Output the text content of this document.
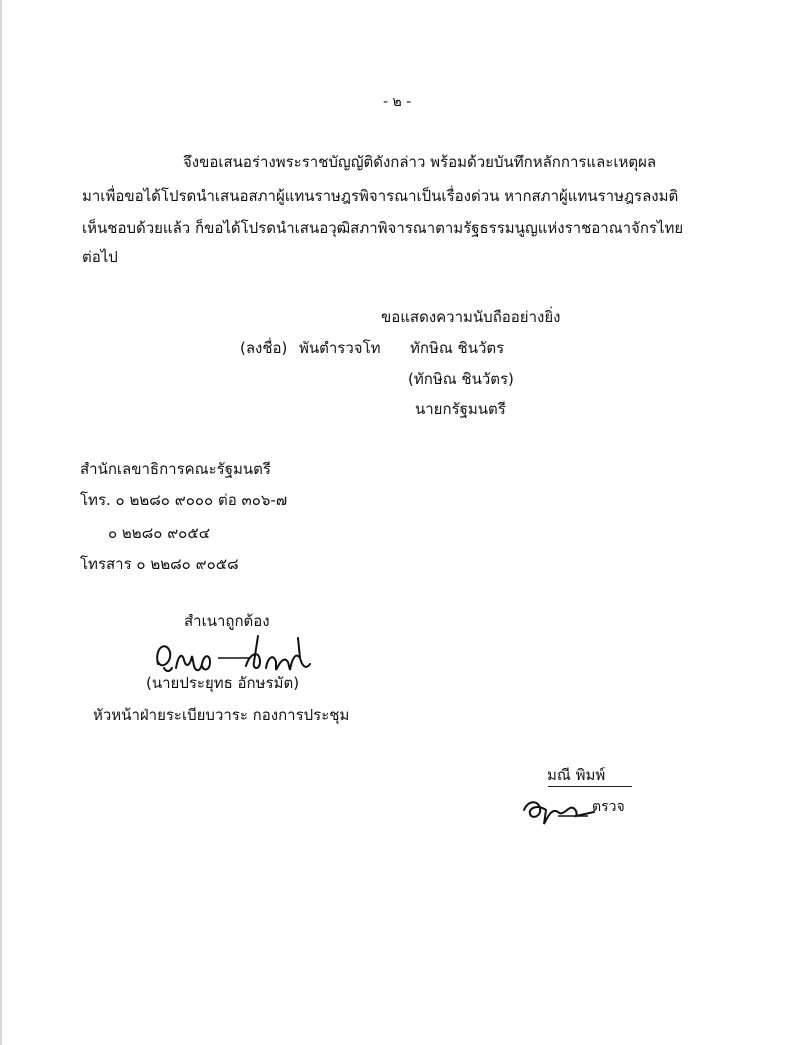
- ๒ -
จึงขอเสนอร่างพระราชบัญญัติดังกล่าว พร้อมด้วยบันทึกหลักการและเหตุผล
มาเพื่อขอได้โปรดนำเสนอสภาผู้แทนราษฎรพิจารณาเป็นเรื่องด่วน หากสภาผู้แทนราษฎรลงมติ
เห็นชอบด้วยแล้ว ก็ขอได้โปรดนำเสนอวุฒิสภาพิจารณาตามรัฐธรรมนูญแห่งราชอาณาจักรไทย
ต่อไป
ขอแสดงความนับถืออย่างยิ่ง
(ลงชื่อ) พันตำรวจโท ทักษิณ ชินวัตร
(ทักษิณ ชินวัตร)
นายกรัฐมนตรี
สำนักเลขาธิการคณะรัฐมนตรี
โทร. ๐ ๒๒๘๐ ๙๐๐๐ ต่อ ๓๐๖-๗
๐ ๒๒๘๐ ๙๐๕๔
โทรสาร ๐ ๒๒๘๐ ๙๐๕๘
สำเนาถูกต้อง
(นายประยุทธ อักษรมัต)
หัวหน้าฝ่ายระเบียบวาระ กองการประชุม
มณี พิมพ์
ตรวจ
